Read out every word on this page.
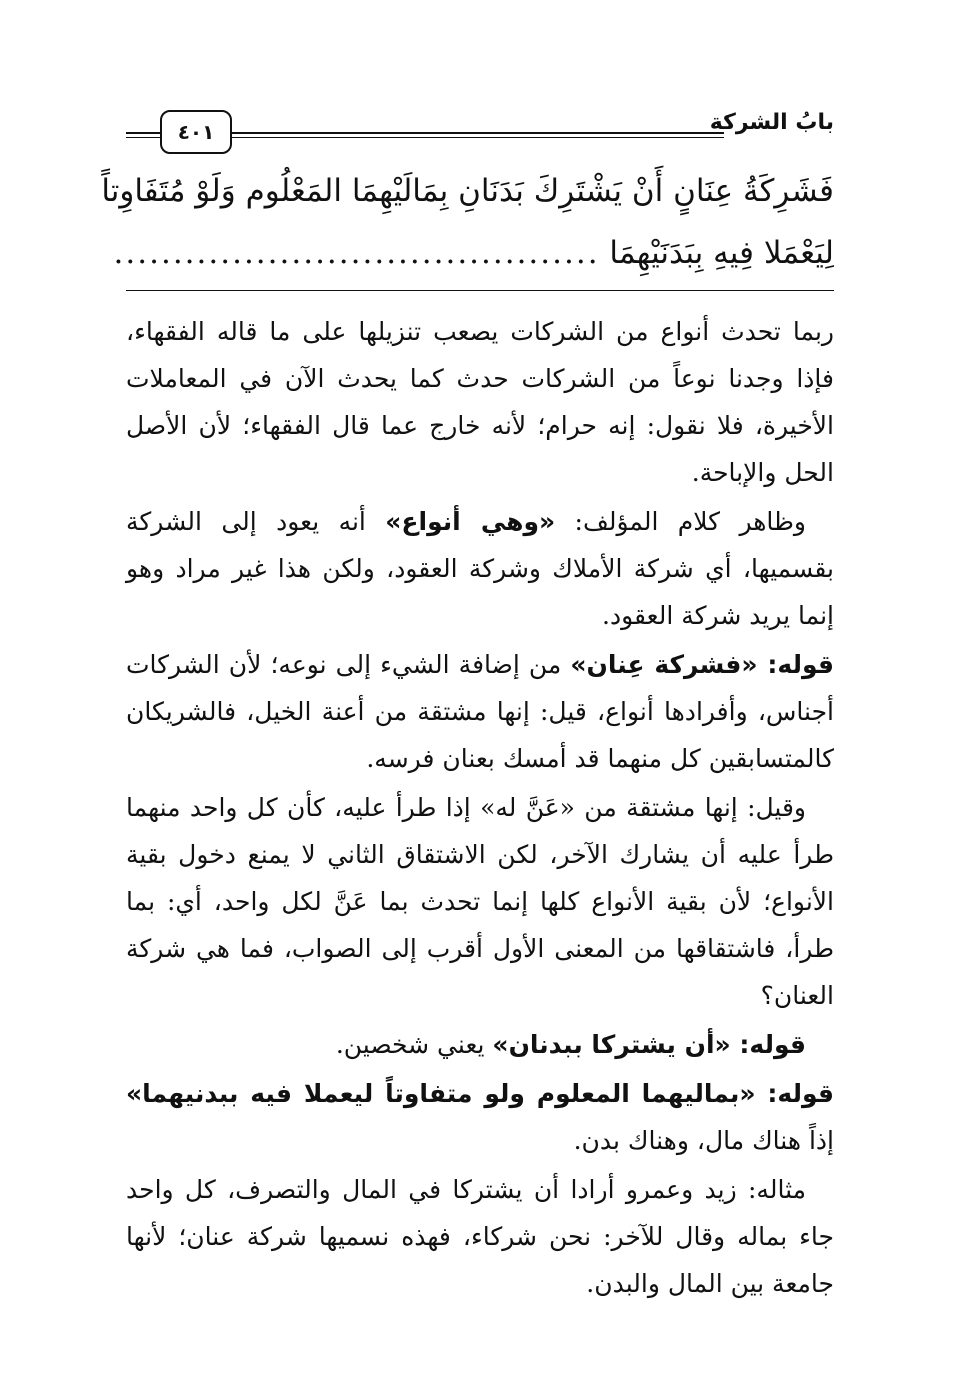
٤٠١	بابُ الشركة
فَشَرِكَةُ عِنَانٍ أَنْ يَشْتَرِكَ بَدَنَانِ بِمَالَيْهِمَا المَعْلُوم وَلَوْ مُتَفَاوِتاً
لِيَعْمَلا فِيهِ بِبَدَنَيْهِمَا .........................................

ربما تحدث أنواع من الشركات يصعب تنزيلها على ما قاله الفقهاء، فإذا وجدنا نوعاً من الشركات حدث كما يحدث الآن في المعاملات الأخيرة، فلا نقول: إنه حرام؛ لأنه خارج عما قال الفقهاء؛ لأن الأصل الحل والإباحة.

وظاهر كلام المؤلف: «وهي أنواع» أنه يعود إلى الشركة بقسميها، أي شركة الأملاك وشركة العقود، ولكن هذا غير مراد وهو إنما يريد شركة العقود.

قوله: «فشركة عِنان» من إضافة الشيء إلى نوعه؛ لأن الشركات أجناس، وأفرادها أنواع، قيل: إنها مشتقة من أعنة الخيل، فالشريكان كالمتسابقين كل منهما قد أمسك بعنان فرسه.

وقيل: إنها مشتقة من «عَنَّ له» إذا طرأ عليه، كأن كل واحد منهما طرأ عليه أن يشارك الآخر، لكن الاشتقاق الثاني لا يمنع دخول بقية الأنواع؛ لأن بقية الأنواع كلها إنما تحدث بما عَنَّ لكل واحد، أي: بما طرأ، فاشتقاقها من المعنى الأول أقرب إلى الصواب، فما هي شركة العنان؟

قوله: «أن يشتركا ببدنان» يعني شخصين.

قوله: «بماليهما المعلوم ولو متفاوتاً ليعملا فيه ببدنيهما» إذاً هناك مال، وهناك بدن.

مثاله: زيد وعمرو أرادا أن يشتركا في المال والتصرف، كل واحد جاء بماله وقال للآخر: نحن شركاء، فهذه نسميها شركة عنان؛ لأنها جامعة بين المال والبدن.
